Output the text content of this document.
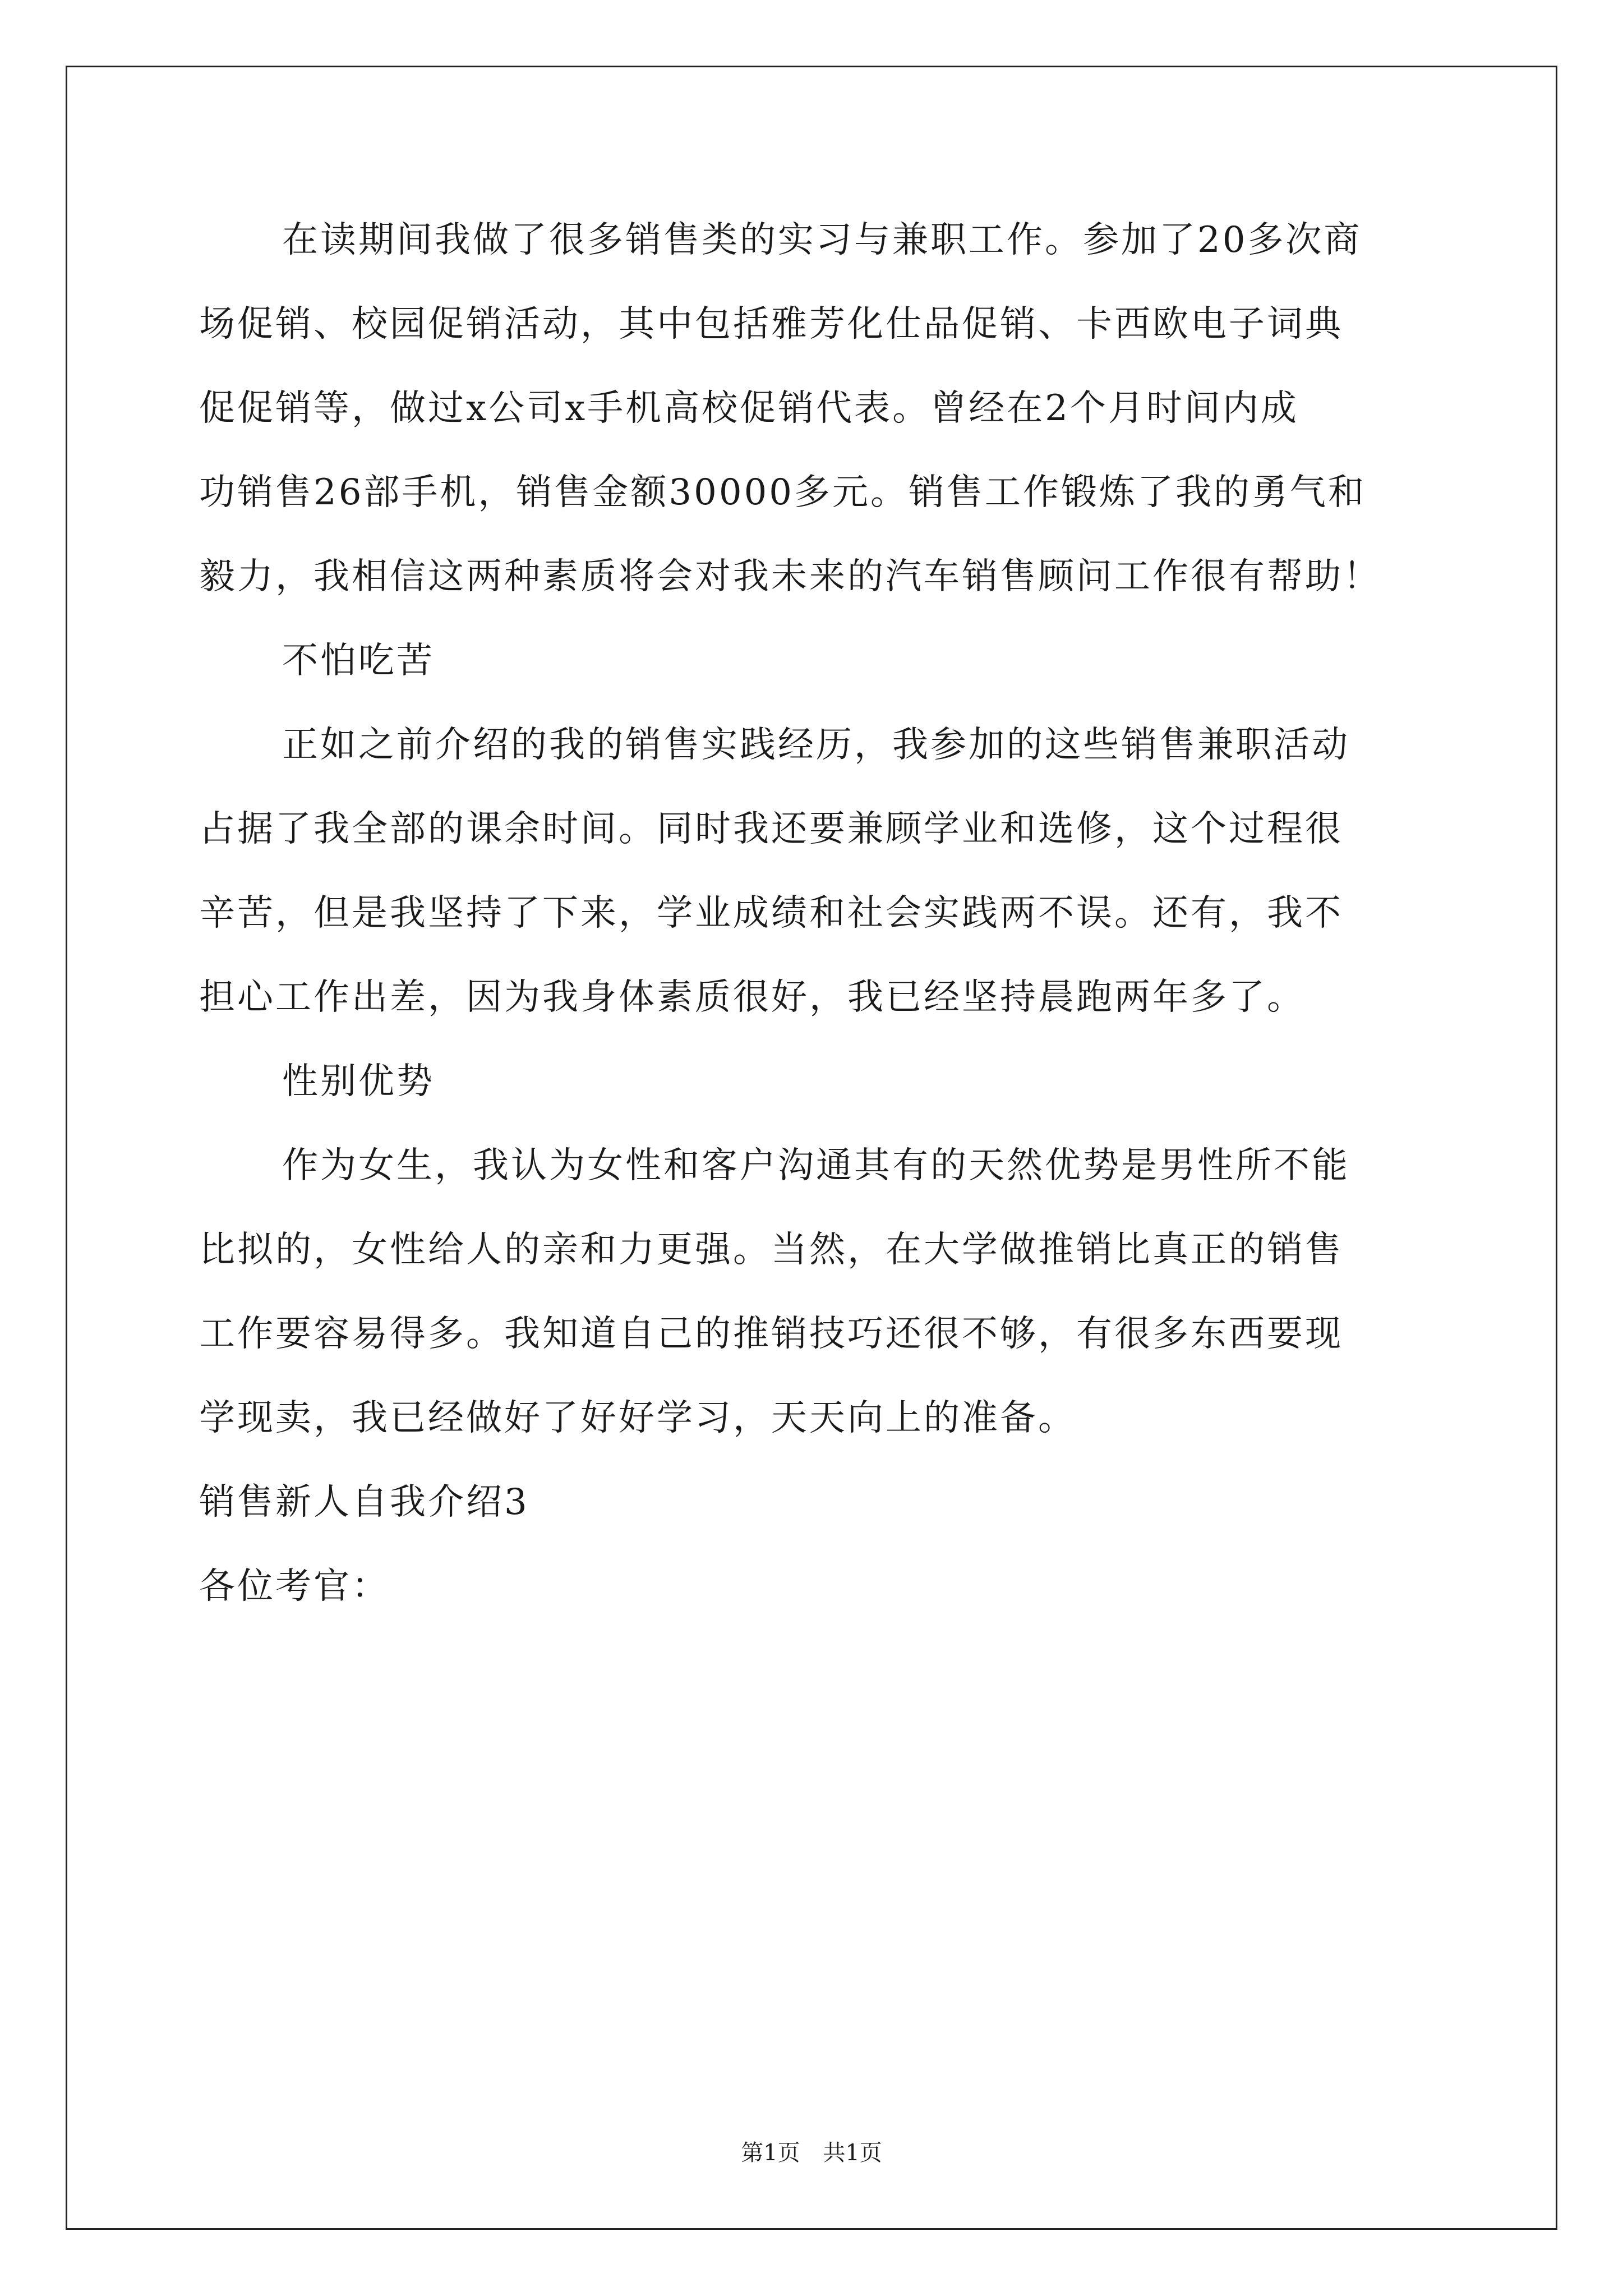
在读期间我做了很多销售类的实习与兼职工作。参加了20多次商
场促销、校园促销活动，其中包括雅芳化仕品促销、卡西欧电子词典
促促销等，做过x公司x手机高校促销代表。曾经在2个月时间内成
功销售26部手机，销售金额30000多元。销售工作锻炼了我的勇气和
毅力，我相信这两种素质将会对我未来的汽车销售顾问工作很有帮助！
不怕吃苦
正如之前介绍的我的销售实践经历，我参加的这些销售兼职活动
占据了我全部的课余时间。同时我还要兼顾学业和选修，这个过程很
辛苦，但是我坚持了下来，学业成绩和社会实践两不误。还有，我不
担心工作出差，因为我身体素质很好，我已经坚持晨跑两年多了。
性别优势
作为女生，我认为女性和客户沟通其有的天然优势是男性所不能
比拟的，女性给人的亲和力更强。当然，在大学做推销比真正的销售
工作要容易得多。我知道自己的推销技巧还很不够，有很多东西要现
学现卖，我已经做好了好好学习，天天向上的准备。
销售新人自我介绍3
各位考官：
第1页 共1页
